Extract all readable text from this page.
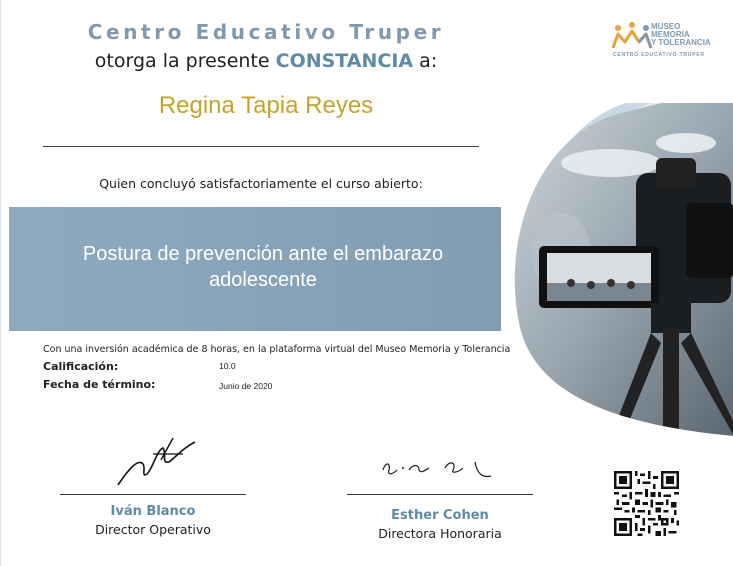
Centro Educativo Truper
otorga la presente CONSTANCIA a:
MUSEO
MEMORIA
Y TOLERANCIA
CENTRO EDUCATIVO TRUPER
Regina Tapia Reyes
Quien concluyó satisfactoriamente el curso abierto:
Postura de prevención ante el embarazo
adolescente
Con una inversión académica de 8 horas, en la plataforma virtual del Museo Memoria y Tolerancia
Calificación:	10.0
Fecha de término:	Junio de 2020
Iván Blanco
Director Operativo
Esther Cohen
Directora Honoraria
